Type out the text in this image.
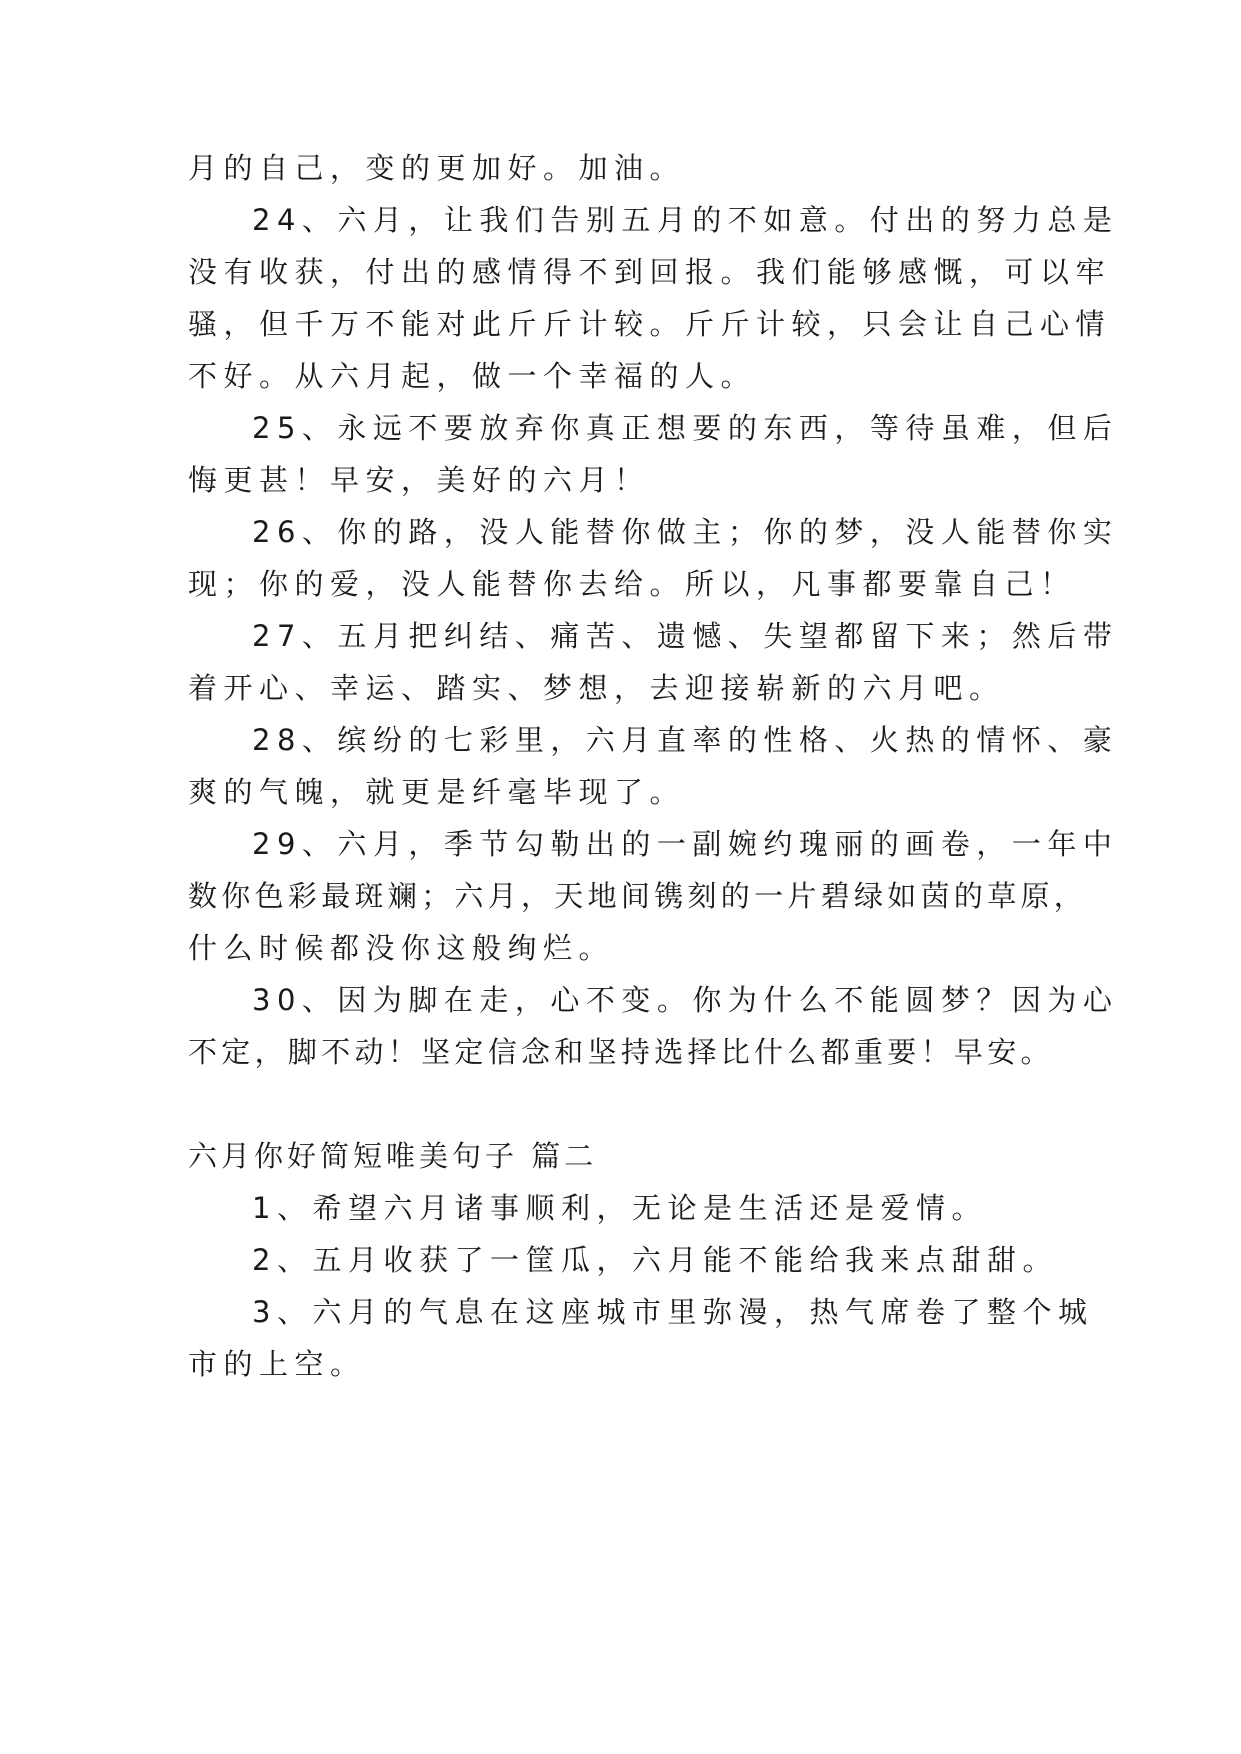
月的自己，变的更加好。加油。
24、六月，让我们告别五月的不如意。付出的努力总是
没有收获，付出的感情得不到回报。我们能够感慨，可以牢
骚，但千万不能对此斤斤计较。斤斤计较，只会让自己心情
不好。从六月起，做一个幸福的人。
25、永远不要放弃你真正想要的东西，等待虽难，但后
悔更甚！早安，美好的六月！
26、你的路，没人能替你做主；你的梦，没人能替你实
现；你的爱，没人能替你去给。所以，凡事都要靠自己！
27、五月把纠结、痛苦、遗憾、失望都留下来；然后带
着开心、幸运、踏实、梦想，去迎接崭新的六月吧。
28、缤纷的七彩里，六月直率的性格、火热的情怀、豪
爽的气魄，就更是纤毫毕现了。
29、六月，季节勾勒出的一副婉约瑰丽的画卷，一年中
数你色彩最斑斓；六月，天地间镌刻的一片碧绿如茵的草原，
什么时候都没你这般绚烂。
30、因为脚在走，心不变。你为什么不能圆梦？因为心
不定，脚不动！坚定信念和坚持选择比什么都重要！早安。
六月你好简短唯美句子 篇二
1、希望六月诸事顺利，无论是生活还是爱情。
2、五月收获了一筐瓜，六月能不能给我来点甜甜。
3、六月的气息在这座城市里弥漫，热气席卷了整个城
市的上空。
